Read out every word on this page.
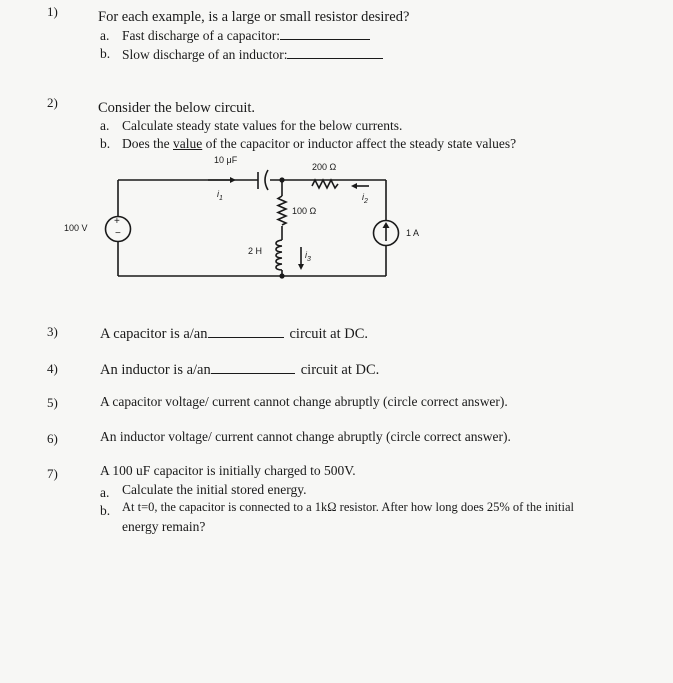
1)	For each example, is a large or small resistor desired?
a. Fast discharge of a capacitor:
b. Slow discharge of an inductor:
2)	Consider the below circuit.
a. Calculate steady state values for the below currents.
b. Does the value of the capacitor or inductor affect the steady state values?
10 μF
200 Ω
100 Ω
100 V	1 A
2 H
+
−
$i_1$	$i_2$
$i_3$
3)	A capacitor is a/an	circuit at DC.
4)	An inductor is a/an	circuit at DC.
5)	A capacitor voltage/ current cannot change abruptly (circle correct answer).
6)	An inductor voltage/ current cannot change abruptly (circle correct answer).
7)	A 100 uF capacitor is initially charged to 500V.
a. Calculate the initial stored energy.
b. At t=0, the capacitor is connected to a 1kΩ resistor. After how long does 25% of the initial
energy remain?
